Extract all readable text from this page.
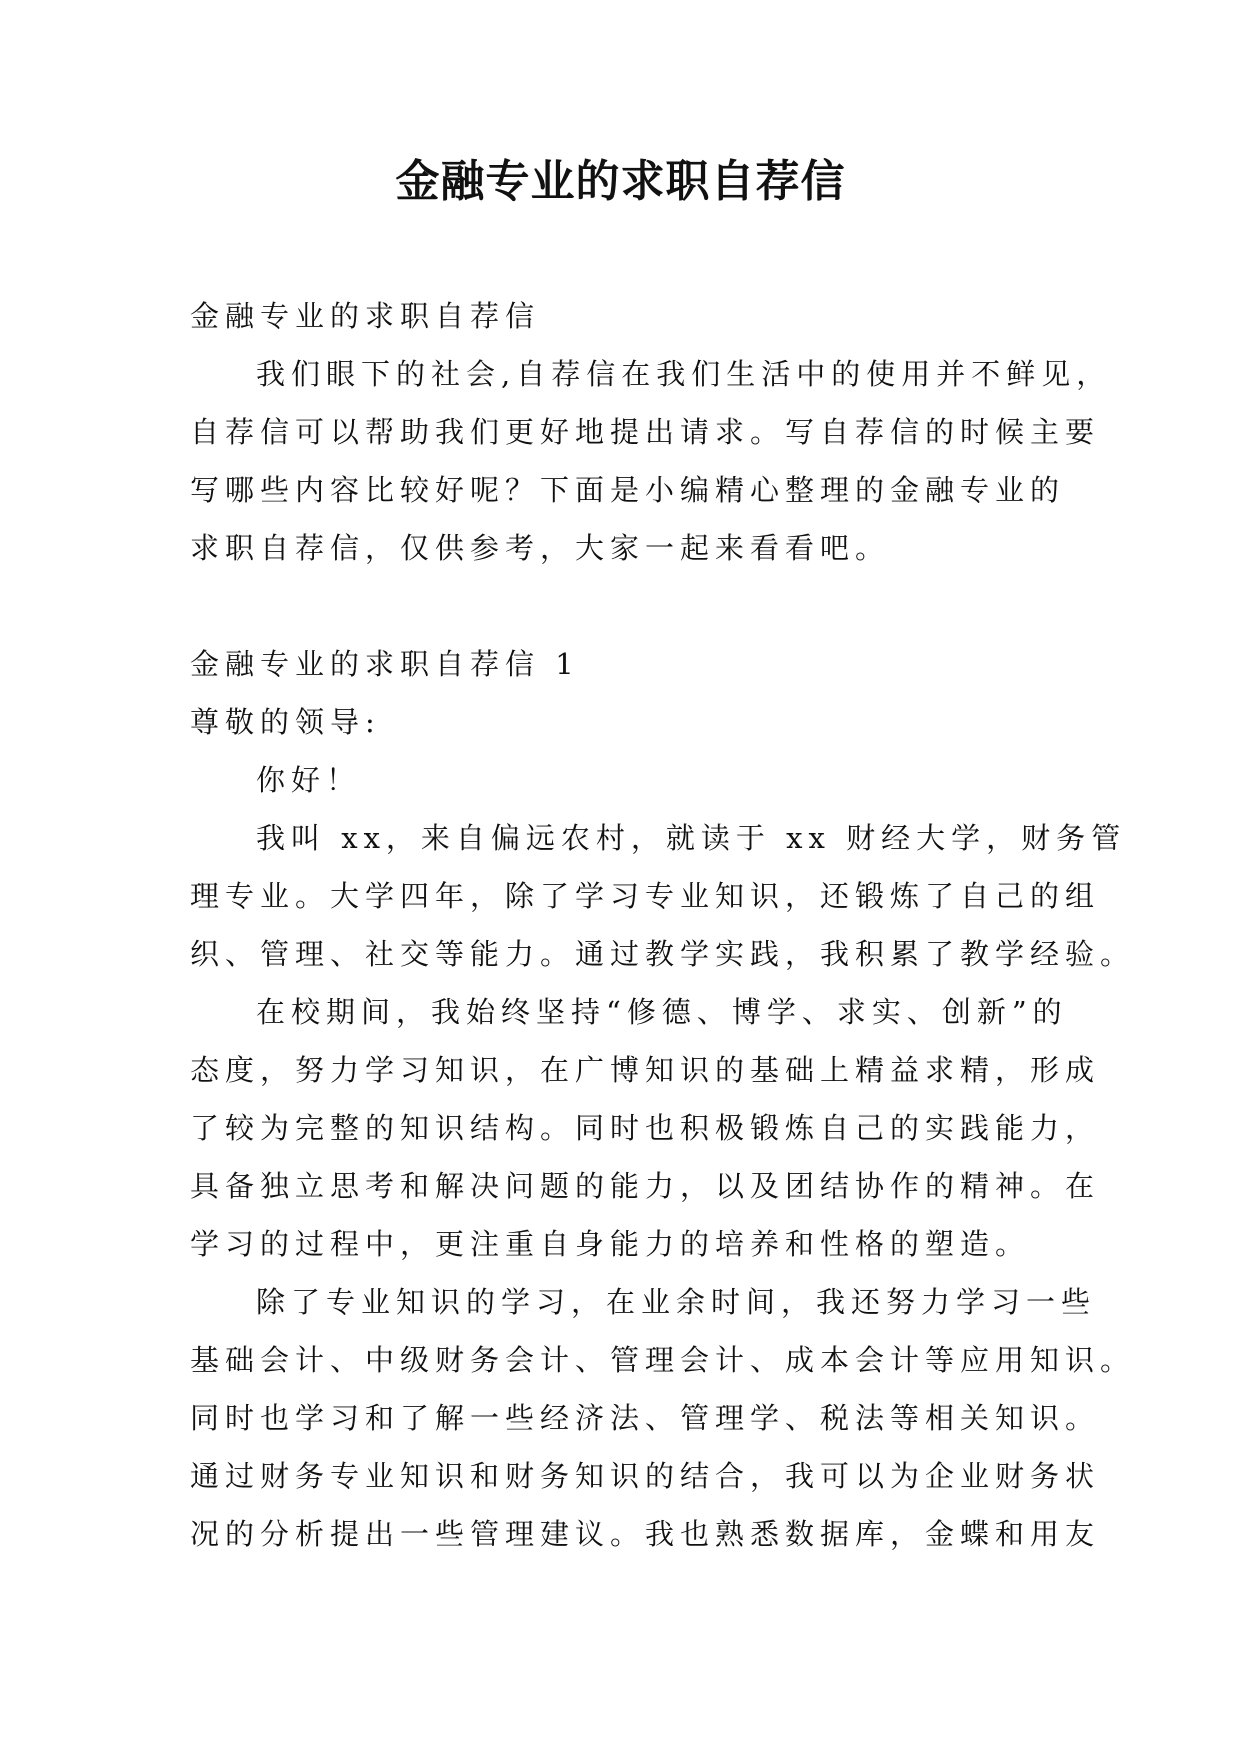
金融专业的求职自荐信

金融专业的求职自荐信

我们眼下的社会,自荐信在我们生活中的使用并不鲜见，

自荐信可以帮助我们更好地提出请求。写自荐信的时候主要

写哪些内容比较好呢？下面是小编精心整理的金融专业的

求职自荐信，仅供参考，大家一起来看看吧。

金融专业的求职自荐信 1

尊敬的领导:

你好！

我叫 xx，来自偏远农村，就读于 xx 财经大学，财务管

理专业。大学四年，除了学习专业知识，还锻炼了自己的组

织、管理、社交等能力。通过教学实践，我积累了教学经验。

在校期间，我始终坚持“修德、博学、求实、创新”的

态度，努力学习知识，在广博知识的基础上精益求精，形成

了较为完整的知识结构。同时也积极锻炼自己的实践能力，

具备独立思考和解决问题的能力，以及团结协作的精神。在

学习的过程中，更注重自身能力的培养和性格的塑造。

除了专业知识的学习，在业余时间，我还努力学习一些

基础会计、中级财务会计、管理会计、成本会计等应用知识。

同时也学习和了解一些经济法、管理学、税法等相关知识。

通过财务专业知识和财务知识的结合，我可以为企业财务状

况的分析提出一些管理建议。我也熟悉数据库，金蝶和用友
